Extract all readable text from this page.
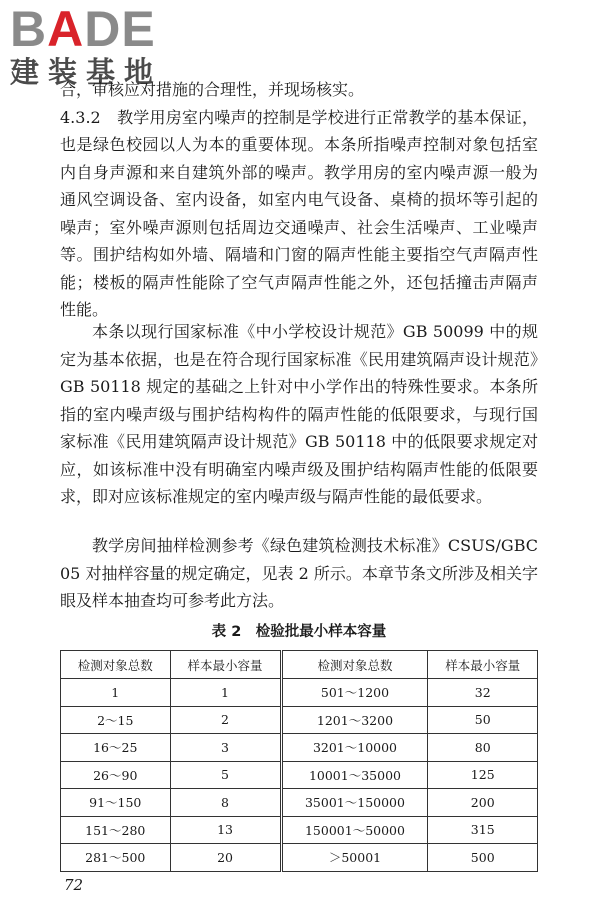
BADE
建装基地

合，审核应对措施的合理性，并现场核实。

4.3.2　教学用房室内噪声的控制是学校进行正常教学的基本保证，也是绿色校园以人为本的重要体现。本条所指噪声控制对象包括室内自身声源和来自建筑外部的噪声。教学用房的室内噪声源一般为通风空调设备、室内设备，如室内电气设备、桌椅的损坏等引起的噪声；室外噪声源则包括周边交通噪声、社会生活噪声、工业噪声等。围护结构如外墙、隔墙和门窗的隔声性能主要指空气声隔声性能；楼板的隔声性能除了空气声隔声性能之外，还包括撞击声隔声性能。

本条以现行国家标准《中小学校设计规范》GB 50099 中的规定为基本依据，也是在符合现行国家标准《民用建筑隔声设计规范》GB 50118 规定的基础之上针对中小学作出的特殊性要求。本条所指的室内噪声级与围护结构构件的隔声性能的低限要求，与现行国家标准《民用建筑隔声设计规范》GB 50118 中的低限要求规定对应，如该标准中没有明确室内噪声级及围护结构隔声性能的低限要求，即对应该标准规定的室内噪声级与隔声性能的最低要求。

教学房间抽样检测参考《绿色建筑检测技术标准》CSUS/GBC 05 对抽样容量的规定确定，见表 2 所示。本章节条文所涉及相关字眼及样本抽查均可参考此方法。

表 2　检验批最小样本容量
检测对象总数	样本最小容量	检测对象总数	样本最小容量
1	1	501～1200	32
2～15	2	1201～3200	50
16～25	3	3201～10000	80
26～90	5	10001～35000	125
91～150	8	35001～150000	200
151～280	13	150001～50000	315
281～500	20	＞50001	500
72
